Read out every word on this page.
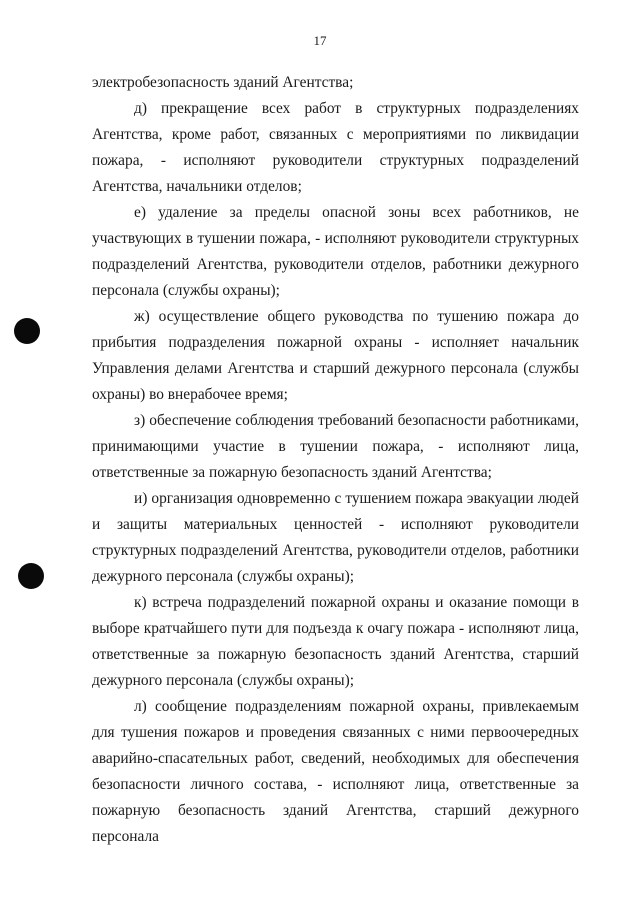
17

электробезопасность зданий Агентства;

д) прекращение всех работ в структурных подразделениях Агентства, кроме работ, связанных с мероприятиями по ликвидации пожара, - исполняют руководители структурных подразделений Агентства, начальники отделов;

е) удаление за пределы опасной зоны всех работников, не участвующих в тушении пожара, - исполняют руководители структурных подразделений Агентства, руководители отделов, работники дежурного персонала (службы охраны);

ж) осуществление общего руководства по тушению пожара до прибытия подразделения пожарной охраны - исполняет начальник Управления делами Агентства и старший дежурного персонала (службы охраны) во внерабочее время;

з) обеспечение соблюдения требований безопасности работниками, принимающими участие в тушении пожара, - исполняют лица, ответственные за пожарную безопасность зданий Агентства;

и) организация одновременно с тушением пожара эвакуации людей и защиты материальных ценностей - исполняют руководители структурных подразделений Агентства, руководители отделов, работники дежурного персонала (службы охраны);

к) встреча подразделений пожарной охраны и оказание помощи в выборе кратчайшего пути для подъезда к очагу пожара - исполняют лица, ответственные за пожарную безопасность зданий Агентства, старший дежурного персонала (службы охраны);

л) сообщение подразделениям пожарной охраны, привлекаемым для тушения пожаров и проведения связанных с ними первоочередных аварийно-спасательных работ, сведений, необходимых для обеспечения безопасности личного состава, - исполняют лица, ответственные за пожарную безопасность зданий Агентства, старший дежурного персонала
